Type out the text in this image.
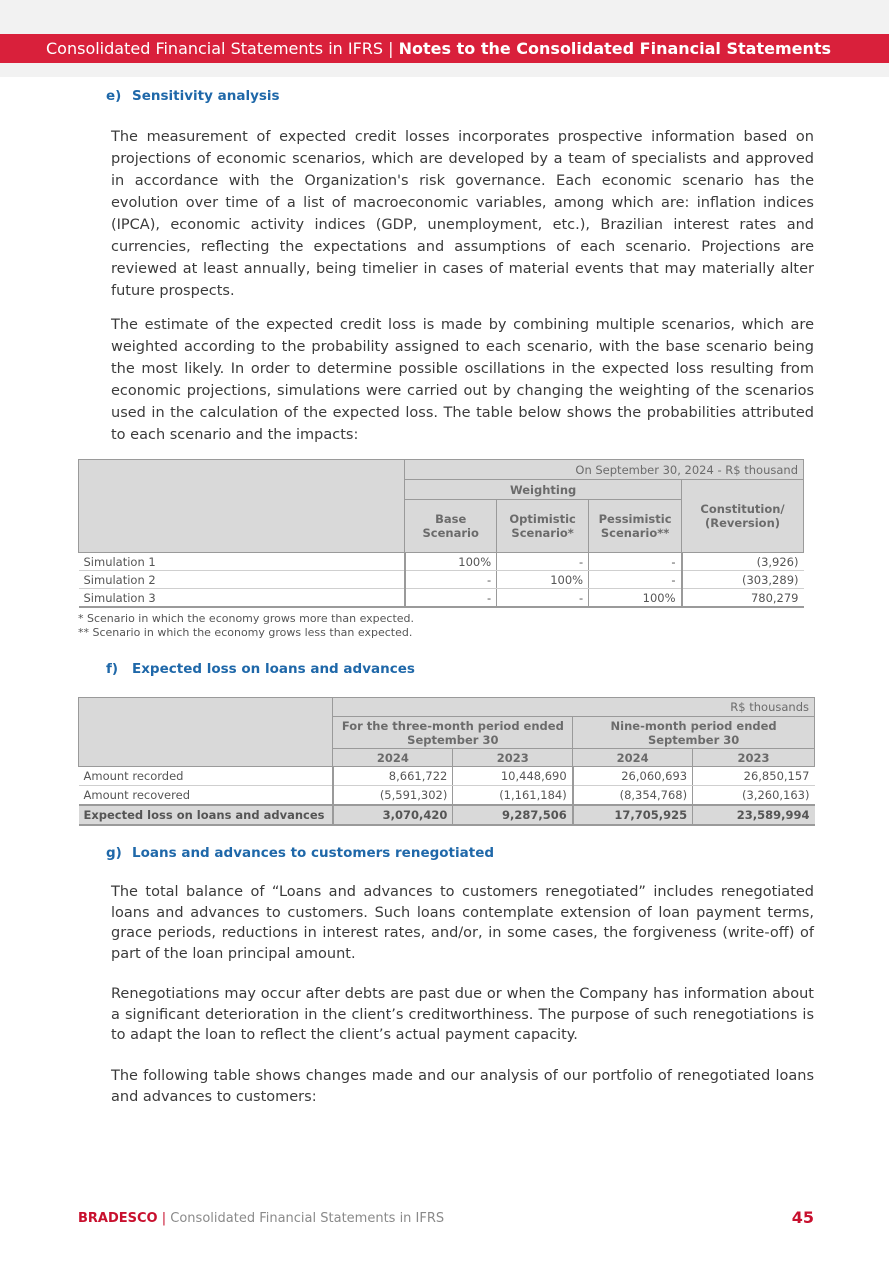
Consolidated Financial Statements in IFRS | Notes to the Consolidated Financial Statements
e) Sensitivity analysis
The measurement of expected credit losses incorporates prospective information based on projections of economic scenarios, which are developed by a team of specialists and approved in accordance with the Organization's risk governance. Each economic scenario has the evolution over time of a list of macroeconomic variables, among which are: inflation indices (IPCA), economic activity indices (GDP, unemployment, etc.), Brazilian interest rates and currencies, reflecting the expectations and assumptions of each scenario. Projections are reviewed at least annually, being timelier in cases of material events that may materially alter future prospects.
The estimate of the expected credit loss is made by combining multiple scenarios, which are weighted according to the probability assigned to each scenario, with the base scenario being the most likely. In order to determine possible oscillations in the expected loss resulting from economic projections, simulations were carried out by changing the weighting of the scenarios used in the calculation of the expected loss. The table below shows the probabilities attributed to each scenario and the impacts:
	On September 30, 2024 - R$ thousand			
	Weighting			Constitution/ (Reversion)
	Base Scenario	Optimistic Scenario*	Pessimistic Scenario**	
Simulation 1	100%	-	-	(3,926)
Simulation 2	-	100%	-	(303,289)
Simulation 3	-	-	100%	780,279
* Scenario in which the economy grows more than expected.
** Scenario in which the economy grows less than expected.
f) Expected loss on loans and advances
	R$ thousands			
	For the three-month period ended September 30		Nine-month period ended September 30	
	2024	2023	2024	2023
Amount recorded	8,661,722	10,448,690	26,060,693	26,850,157
Amount recovered	(5,591,302)	(1,161,184)	(8,354,768)	(3,260,163)
Expected loss on loans and advances	3,070,420	9,287,506	17,705,925	23,589,994
g) Loans and advances to customers renegotiated
The total balance of “Loans and advances to customers renegotiated” includes renegotiated loans and advances to customers. Such loans contemplate extension of loan payment terms, grace periods, reductions in interest rates, and/or, in some cases, the forgiveness (write-off) of part of the loan principal amount.
Renegotiations may occur after debts are past due or when the Company has information about a significant deterioration in the client’s creditworthiness. The purpose of such renegotiations is to adapt the loan to reflect the client’s actual payment capacity.
The following table shows changes made and our analysis of our portfolio of renegotiated loans and advances to customers:
BRADESCO | Consolidated Financial Statements in IFRS	45
